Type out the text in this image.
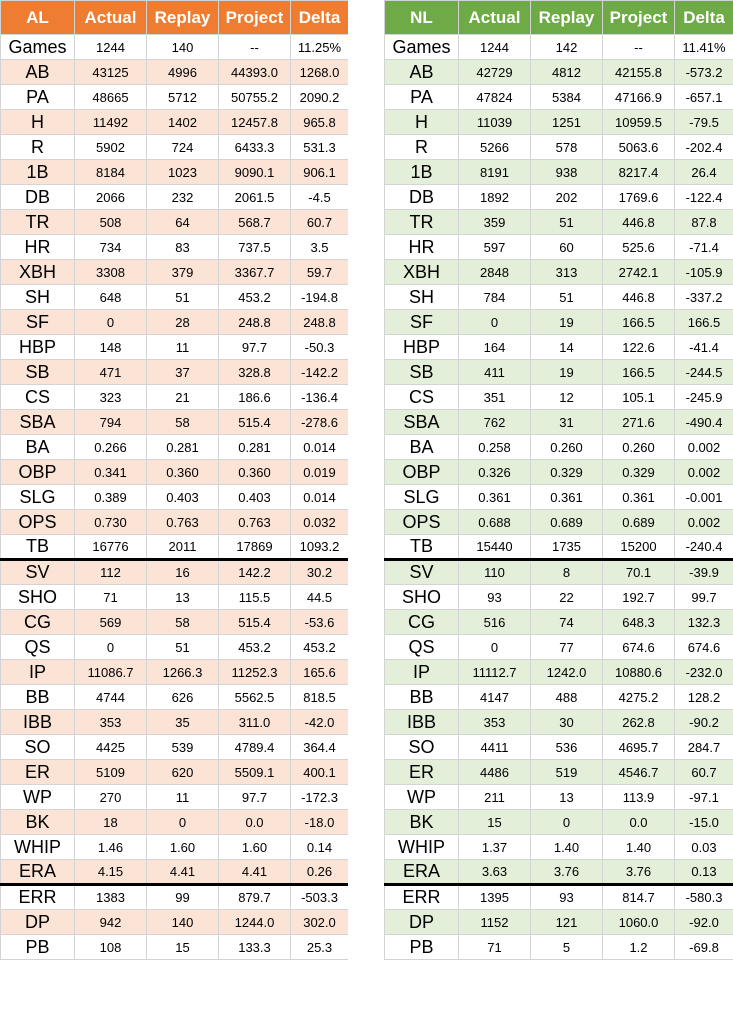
AL	Actual	Replay	Project	Delta
Games	1244	140	--	11.25%
AB	43125	4996	44393.0	1268.0
PA	48665	5712	50755.2	2090.2
H	11492	1402	12457.8	965.8
R	5902	724	6433.3	531.3
1B	8184	1023	9090.1	906.1
DB	2066	232	2061.5	-4.5
TR	508	64	568.7	60.7
HR	734	83	737.5	3.5
XBH	3308	379	3367.7	59.7
SH	648	51	453.2	-194.8
SF	0	28	248.8	248.8
HBP	148	11	97.7	-50.3
SB	471	37	328.8	-142.2
CS	323	21	186.6	-136.4
SBA	794	58	515.4	-278.6
BA	0.266	0.281	0.281	0.014
OBP	0.341	0.360	0.360	0.019
SLG	0.389	0.403	0.403	0.014
OPS	0.730	0.763	0.763	0.032
TB	16776	2011	17869	1093.2
SV	112	16	142.2	30.2
SHO	71	13	115.5	44.5
CG	569	58	515.4	-53.6
QS	0	51	453.2	453.2
IP	11086.7	1266.3	11252.3	165.6
BB	4744	626	5562.5	818.5
IBB	353	35	311.0	-42.0
SO	4425	539	4789.4	364.4
ER	5109	620	5509.1	400.1
WP	270	11	97.7	-172.3
BK	18	0	0.0	-18.0
WHIP	1.46	1.60	1.60	0.14
ERA	4.15	4.41	4.41	0.26
ERR	1383	99	879.7	-503.3
DP	942	140	1244.0	302.0
PB	108	15	133.3	25.3
NL	Actual	Replay	Project	Delta
Games	1244	142	--	11.41%
AB	42729	4812	42155.8	-573.2
PA	47824	5384	47166.9	-657.1
H	11039	1251	10959.5	-79.5
R	5266	578	5063.6	-202.4
1B	8191	938	8217.4	26.4
DB	1892	202	1769.6	-122.4
TR	359	51	446.8	87.8
HR	597	60	525.6	-71.4
XBH	2848	313	2742.1	-105.9
SH	784	51	446.8	-337.2
SF	0	19	166.5	166.5
HBP	164	14	122.6	-41.4
SB	411	19	166.5	-244.5
CS	351	12	105.1	-245.9
SBA	762	31	271.6	-490.4
BA	0.258	0.260	0.260	0.002
OBP	0.326	0.329	0.329	0.002
SLG	0.361	0.361	0.361	-0.001
OPS	0.688	0.689	0.689	0.002
TB	15440	1735	15200	-240.4
SV	110	8	70.1	-39.9
SHO	93	22	192.7	99.7
CG	516	74	648.3	132.3
QS	0	77	674.6	674.6
IP	11112.7	1242.0	10880.6	-232.0
BB	4147	488	4275.2	128.2
IBB	353	30	262.8	-90.2
SO	4411	536	4695.7	284.7
ER	4486	519	4546.7	60.7
WP	211	13	113.9	-97.1
BK	15	0	0.0	-15.0
WHIP	1.37	1.40	1.40	0.03
ERA	3.63	3.76	3.76	0.13
ERR	1395	93	814.7	-580.3
DP	1152	121	1060.0	-92.0
PB	71	5	1.2	-69.8
